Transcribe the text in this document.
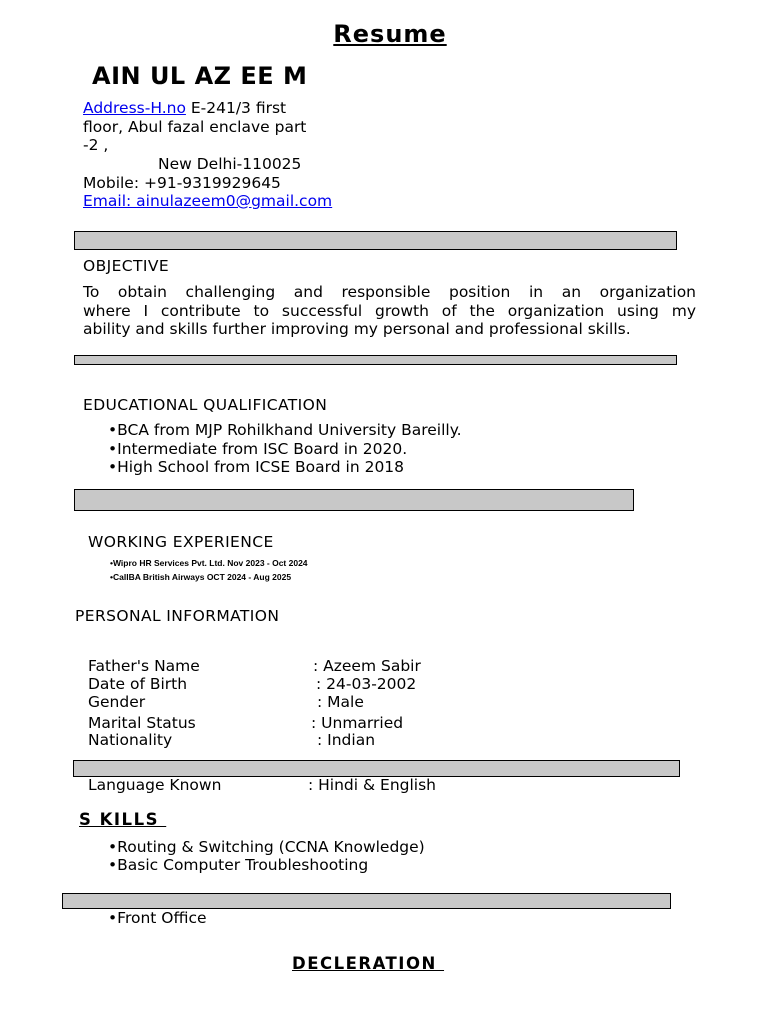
Resume
AIN UL AZ EE M
Address-H.no E-241/3 first
floor, Abul fazal enclave part
-2 ,
New Delhi-110025
Mobile: +91-9319929645
Email: ainulazeem0@gmail.com
OBJECTIVE
To obtain challenging and responsible position in an organization
where I contribute to successful growth of the organization using my
ability and skills further improving my personal and professional skills.
EDUCATIONAL QUALIFICATION
• BCA from MJP Rohilkhand University Bareilly.
• Intermediate from ISC Board in 2020.
• High School from ICSE Board in 2018
WORKING EXPERIENCE
• Wipro HR Services Pvt. Ltd. Nov 2023 - Oct 2024
• CallBA British Airways OCT 2024 - Aug 2025
PERSONAL INFORMATION
Father's Name	: Azeem Sabir
Date of Birth	: 24-03-2002
Gender	: Male
Marital Status	: Unmarried
Nationality	: Indian
Language Known	: Hindi & English
S KILLS
• Routing & Switching (CCNA Knowledge)
• Basic Computer Troubleshooting
• Front Office
DECLERATION
